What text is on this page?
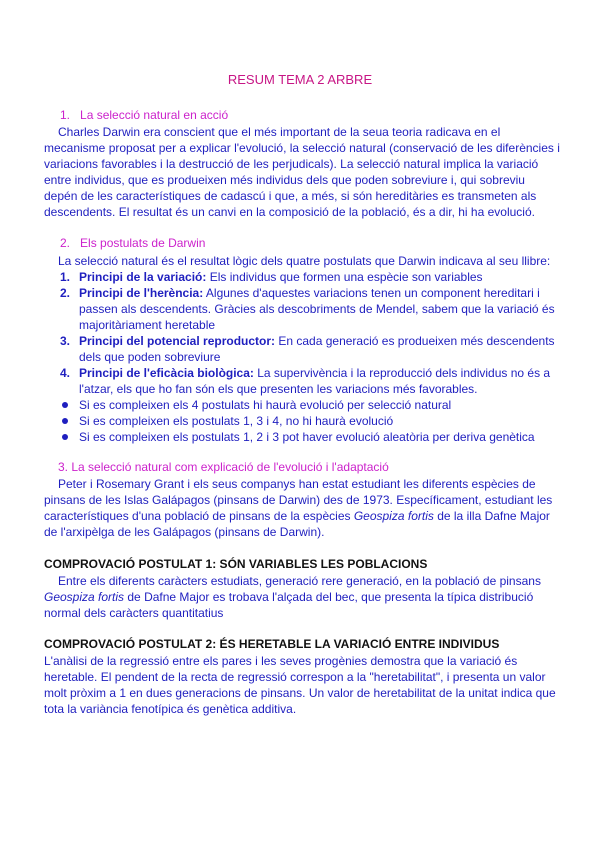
RESUM TEMA 2 ARBRE
1. La selecció natural en acció
Charles Darwin era conscient que el més important de la seua teoria radicava en el mecanisme proposat per a explicar l'evolució, la selecció natural (conservació de les diferències i variacions favorables i la destrucció de les perjudicals). La selecció natural implica la variació entre individus, que es produeixen més individus dels que poden sobreviure i, qui sobreviu depén de les característiques de cadascú i que, a més, si són hereditàries es transmeten als descendents. El resultat és un canvi en la composició de la població, és a dir, hi ha evolució.
2. Els postulats de Darwin
La selecció natural és el resultat lògic dels quatre postulats que Darwin indicava al seu llibre:
1. Principi de la variació: Els individus que formen una espècie son variables
2. Principi de l'herència: Algunes d'aquestes variacions tenen un component hereditari i passen als descendents. Gràcies als descobriments de Mendel, sabem que la variació és majoritàriament heretable
3. Principi del potencial reproductor: En cada generació es produeixen més descendents dels que poden sobreviure
4. Principi de l'eficàcia biològica: La supervivència i la reproducció dels individus no és a l'atzar, els que ho fan són els que presenten les variacions més favorables.
Si es compleixen els 4 postulats hi haurà evolució per selecció natural
Si es compleixen els postulats 1, 3 i 4, no hi haurà evolució
Si es compleixen els postulats 1, 2 i 3 pot haver evolució aleatòria per deriva genètica
3. La selecció natural com explicació de l'evolució i l'adaptació
Peter i Rosemary Grant i els seus companys han estat estudiant les diferents espècies de pinsans de les Islas Galápagos (pinsans de Darwin) des de 1973. Específicament, estudiant les característiques d'una població de pinsans de la espècies Geospiza fortis de la illa Dafne Major de l'arxipèlga de les Galápagos (pinsans de Darwin).
COMPROVACIÓ POSTULAT 1: SÓN VARIABLES LES POBLACIONS
Entre els diferents caràcters estudiats, generació rere generació, en la població de pinsans Geospiza fortis de Dafne Major es trobava l'alçada del bec, que presenta la típica distribució normal dels caràcters quantitatius
COMPROVACIÓ POSTULAT 2: ÉS HERETABLE LA VARIACIÓ ENTRE INDIVIDUS
L'anàlisi de la regressió entre els pares i les seves progènies demostra que la variació és heretable. El pendent de la recta de regressió correspon a la "heretabilitat", i presenta un valor molt pròxim a 1 en dues generacions de pinsans. Un valor de heretabilitat de la unitat indica que tota la variància fenotípica és genètica additiva.
